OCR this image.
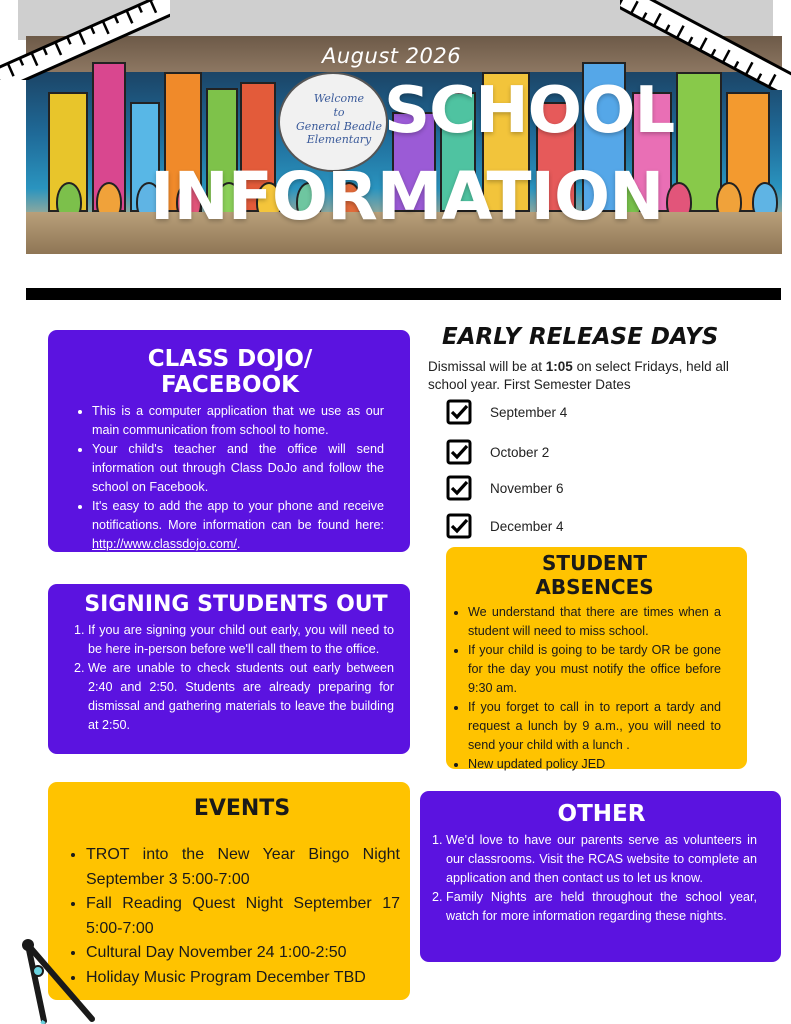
Welcome
to
General Beadle
Elementary
August 2026
SCHOOL
INFORMATION
CLASS DOJO/ FACEBOOK
• This is a computer application that we use as our main communication from school to home.
• Your child's teacher and the office will send information out through Class DoJo and follow the school on Facebook.
• It's easy to add the app to your phone and receive notifications. More information can be found here: http://www.classdojo.com/.
• Talk with your child's teacher for more information.
SIGNING STUDENTS OUT
1. If you are signing your child out early, you will need to be here in-person before we'll call them to the office.
2. We are unable to check students out early between 2:40 and 2:50. Students are already preparing for dismissal and gathering materials to leave the building at 2:50.
EVENTS
• TROT into the New Year Bingo Night September 3 5:00-7:00
• Fall Reading Quest Night September 17 5:00-7:00
• Cultural Day November 24 1:00-2:50
• Holiday Music Program December TBD
EARLY RELEASE DAYS
Dismissal will be at 1:05 on select Fridays, held all school year. First Semester Dates
September 4
October 2
November 6
December 4
STUDENT
ABSENCES
• We understand that there are times when a student will need to miss school.
• If your child is going to be tardy OR be gone for the day you must notify the office before 9:30 am.
• If you forget to call in to report a tardy and request a lunch by 9 a.m., you will need to send your child with a lunch .
• New updated policy JED
OTHER
1. We'd love to have our parents serve as volunteers in our classrooms. Visit the RCAS website to complete an application and then contact us to let us know.
2. Family Nights are held throughout the school year, watch for more information regarding these nights.
